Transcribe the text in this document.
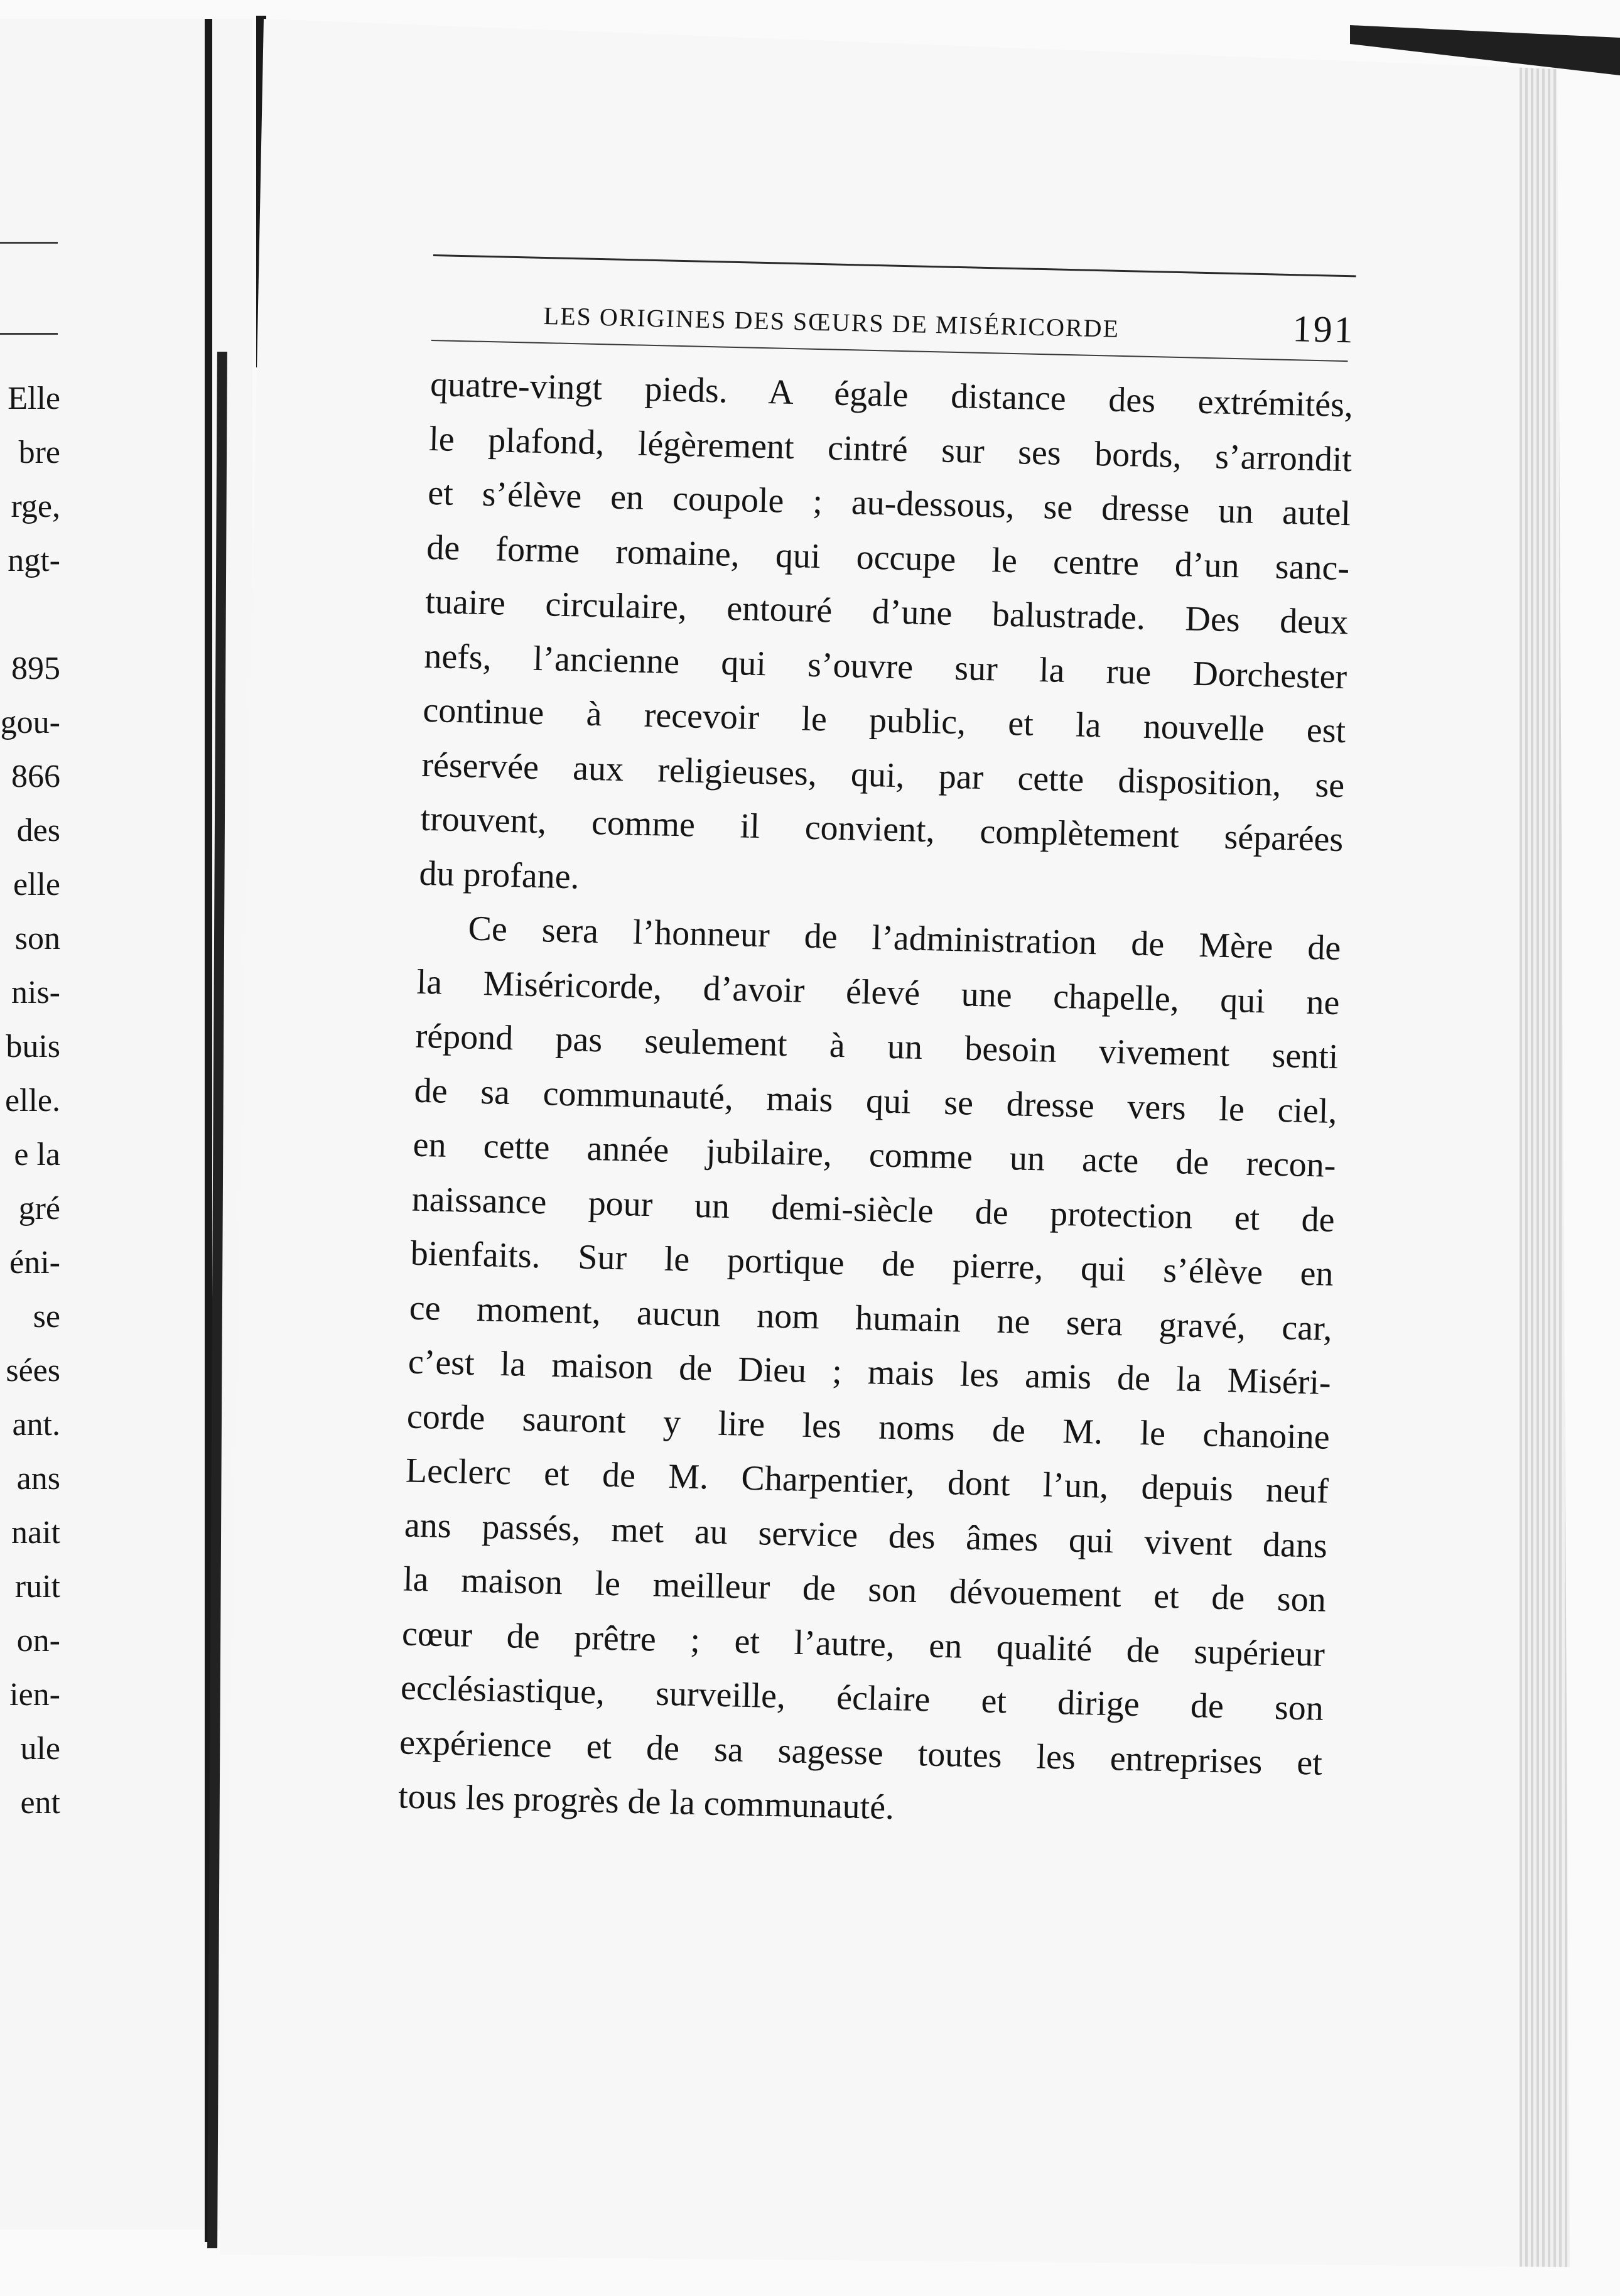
Elle
bre
rge,
ngt-
895
gou-
866
des
elle
son
nis-
buis
elle.
e la
gré
éni-
se
sées
ant.
ans
nait
ruit
on-
ien-
ule
ent
LES ORIGINES DES SŒURS DE MISÉRICORDE	191
quatre-vingt pieds. A égale distance des extrémités,
le plafond, légèrement cintré sur ses bords, s’arrondit
et s’élève en coupole ; au-dessous, se dresse un autel
de forme romaine, qui occupe le centre d’un sanc-
tuaire circulaire, entouré d’une balustrade. Des deux
nefs, l’ancienne qui s’ouvre sur la rue Dorchester
continue à recevoir le public, et la nouvelle est
réservée aux religieuses, qui, par cette disposition, se
trouvent, comme il convient, complètement séparées
du profane.
Ce sera l’honneur de l’administration de Mère de
la Miséricorde, d’avoir élevé une chapelle, qui ne
répond pas seulement à un besoin vivement senti
de sa communauté, mais qui se dresse vers le ciel,
en cette année jubilaire, comme un acte de recon-
naissance pour un demi-siècle de protection et de
bienfaits. Sur le portique de pierre, qui s’élève en
ce moment, aucun nom humain ne sera gravé, car,
c’est la maison de Dieu ; mais les amis de la Miséri-
corde sauront y lire les noms de M. le chanoine
Leclerc et de M. Charpentier, dont l’un, depuis neuf
ans passés, met au service des âmes qui vivent dans
la maison le meilleur de son dévouement et de son
cœur de prêtre ; et l’autre, en qualité de supérieur
ecclésiastique, surveille, éclaire et dirige de son
expérience et de sa sagesse toutes les entreprises et
tous les progrès de la communauté.
